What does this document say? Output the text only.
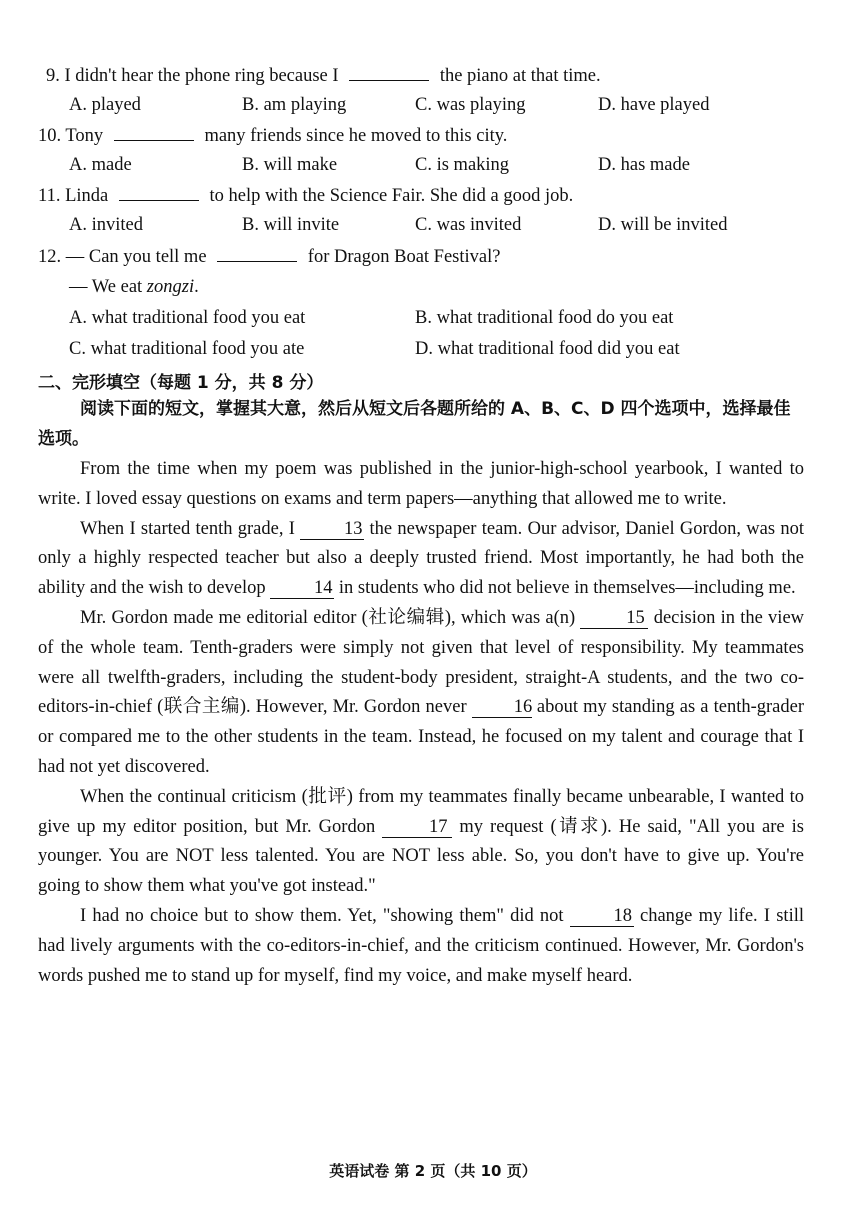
9. I didn't hear the phone ring because I	the piano at that time.
A. played	B. am playing	C. was playing	D. have played
10. Tony	many friends since he moved to this city.
A. made	B. will make	C. is making	D. has made
11. Linda	to help with the Science Fair. She did a good job.
A. invited	B. will invite	C. was invited	D. will be invited
12. — Can you tell me	for Dragon Boat Festival?
— We eat zongzi.
A. what traditional food you eat	B. what traditional food do you eat
C. what traditional food you ate	D. what traditional food did you eat
二、完形填空（每题 1 分，共 8 分）
阅读下面的短文，掌握其大意，然后从短文后各题所给的 A、B、C、D 四个选项中，选择最佳选项。

From the time when my poem was published in the junior-high-school yearbook, I wanted to write. I loved essay questions on exams and term papers—anything that allowed me to write.

When I started tenth grade, I	13 the newspaper team. Our advisor, Daniel Gordon, was not only a highly respected teacher but also a deeply trusted friend. Most importantly, he had both the ability and the wish to develop	14 in students who did not believe in themselves—including me.

Mr. Gordon made me editorial editor (社论编辑), which was a(n)	15 decision in the view of the whole team. Tenth-graders were simply not given that level of responsibility. My teammates were all twelfth-graders, including the student-body president, straight-A students, and the two co-editors-in-chief (联合主编). However, Mr. Gordon never	16 about my standing as a tenth-grader or compared me to the other students in the team. Instead, he focused on my talent and courage that I had not yet discovered.

When the continual criticism (批评) from my teammates finally became unbearable, I wanted to give up my editor position, but Mr. Gordon	17 my request (请求). He said, "All you are is younger. You are NOT less talented. You are NOT less able. So, you don't have to give up. You're going to show them what you've got instead."

I had no choice but to show them. Yet, "showing them" did not	18 change my life. I still had lively arguments with the co-editors-in-chief, and the criticism continued. However, Mr. Gordon's words pushed me to stand up for myself, find my voice, and make myself heard.

英语试卷 第 2 页（共 10 页）
